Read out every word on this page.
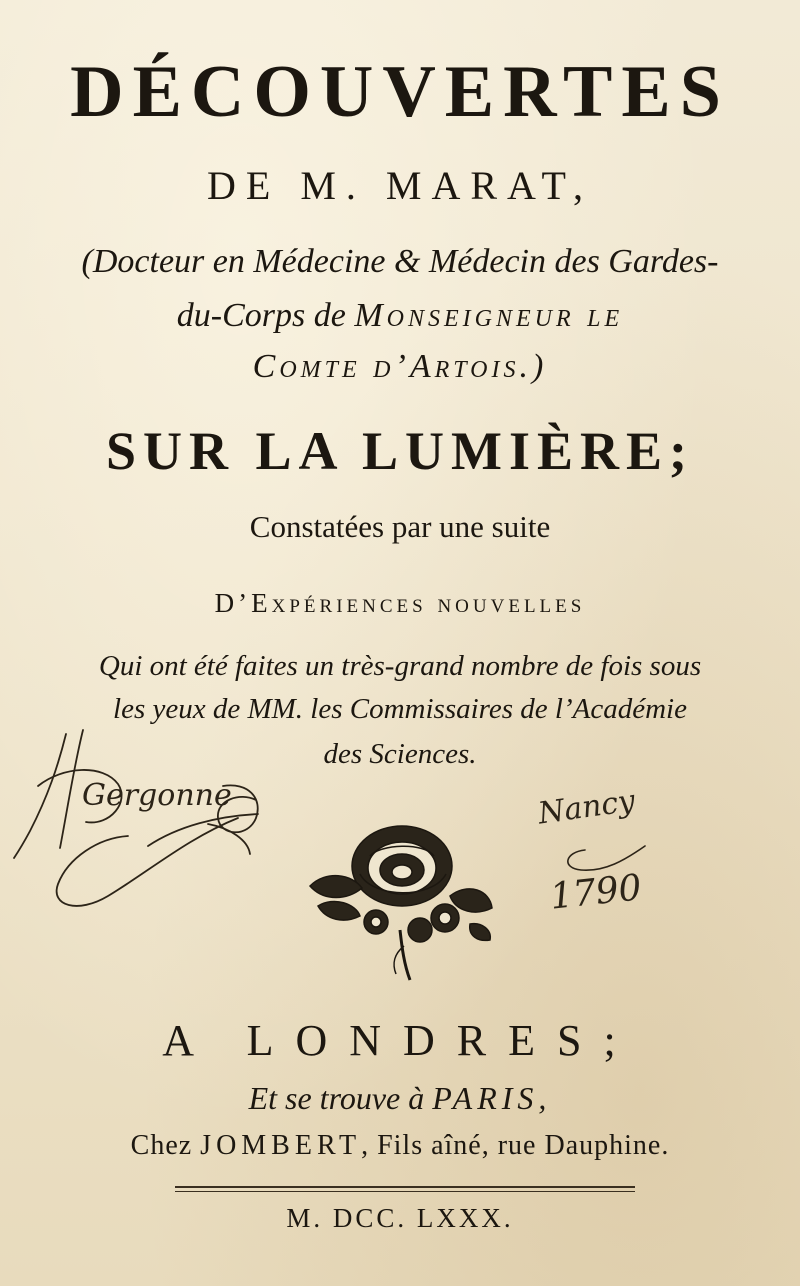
DÉCOUVERTES
DE M. MARAT,
(Docteur en Médecine & Médecin des Gardes-
du-Corps de Monseigneur le
Comte d’Artois.)
SUR LA LUMIÈRE;
Constatées par une suite
D’Expériences nouvelles
Qui ont été faites un très-grand nombre de fois sous
les yeux de MM. les Commissaires de l’Académie
des Sciences.
Gergonne	Nancy
1790
A LONDRES;
Et se trouve à PARIS,
Chez JOMBERT, Fils aîné, rue Dauphine.
M. DCC. LXXX.
